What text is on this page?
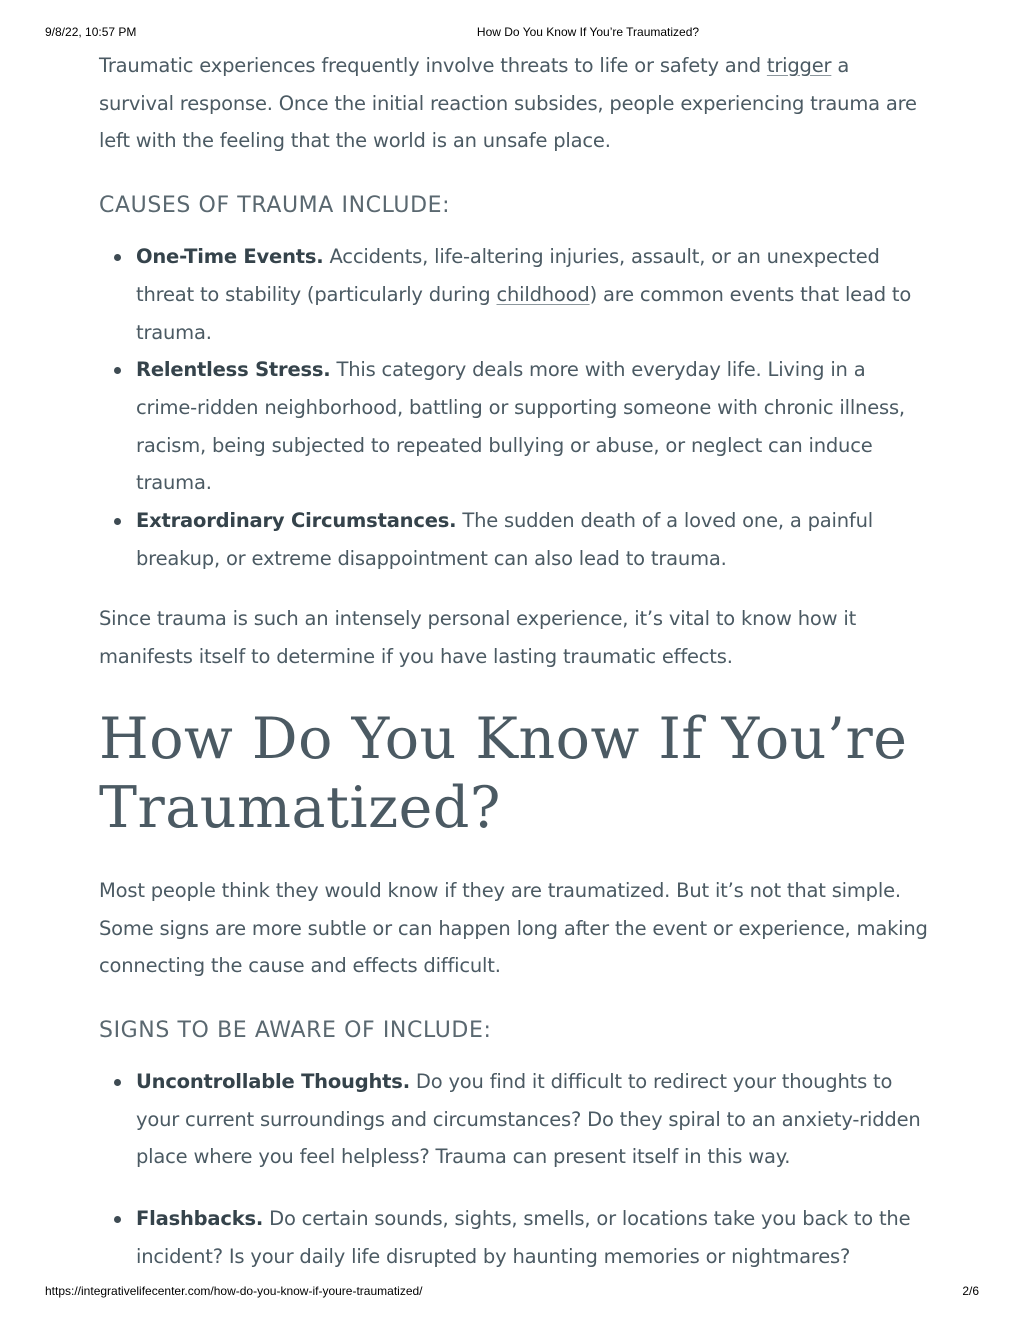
9/8/22, 10:57 PM	How Do You Know If You’re Traumatized?

Traumatic experiences frequently involve threats to life or safety and trigger a survival response. Once the initial reaction subsides, people experiencing trauma are left with the feeling that the world is an unsafe place.

CAUSES OF TRAUMA INCLUDE:
One-Time Events. Accidents, life-altering injuries, assault, or an unexpected threat to stability (particularly during childhood) are common events that lead to trauma.
Relentless Stress. This category deals more with everyday life. Living in a crime-ridden neighborhood, battling or supporting someone with chronic illness, racism, being subjected to repeated bullying or abuse, or neglect can induce trauma.
Extraordinary Circumstances. The sudden death of a loved one, a painful breakup, or extreme disappointment can also lead to trauma.

Since trauma is such an intensely personal experience, it’s vital to know how it manifests itself to determine if you have lasting traumatic effects.

How Do You Know If You’re Traumatized?

Most people think they would know if they are traumatized. But it’s not that simple. Some signs are more subtle or can happen long after the event or experience, making connecting the cause and effects difficult.

SIGNS TO BE AWARE OF INCLUDE:
Uncontrollable Thoughts. Do you find it difficult to redirect your thoughts to your current surroundings and circumstances? Do they spiral to an anxiety-ridden place where you feel helpless? Trauma can present itself in this way.
Flashbacks. Do certain sounds, sights, smells, or locations take you back to the incident? Is your daily life disrupted by haunting memories or nightmares?
https://integrativelifecenter.com/how-do-you-know-if-youre-traumatized/	2/6
